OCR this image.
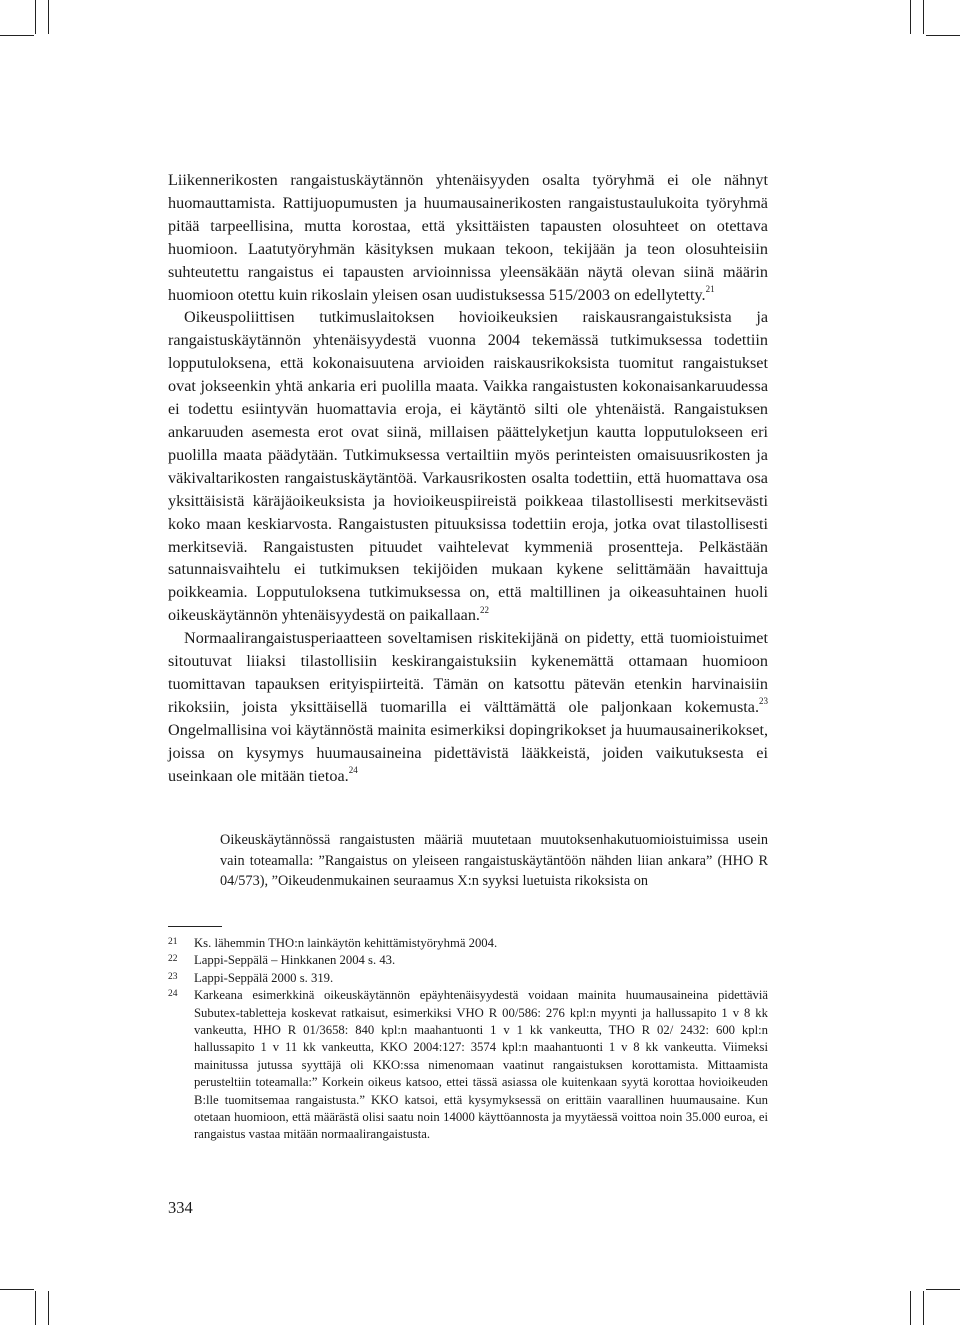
Liikennerikosten rangaistuskäytännön yhtenäisyyden osalta työryhmä ei ole nähnyt huomauttamista. Rattijuopumusten ja huumausainerikosten rangaistustaulukoita työryhmä pitää tarpeellisina, mutta korostaa, että yksittäisten tapausten olosuhteet on otettava huomioon. Laatutyöryhmän käsityksen mukaan tekoon, tekijään ja teon olosuhteisiin suhteutettu rangaistus ei tapausten arvioinnissa yleensäkään näytä olevan siinä määrin huomioon otettu kuin rikoslain yleisen osan uudistuksessa 515/2003 on edellytetty.$^{21}$

Oikeuspoliittisen tutkimuslaitoksen hovioikeuksien raiskausrangaistuksista ja rangaistuskäytännön yhtenäisyydestä vuonna 2004 tekemässä tutkimuksessa todettiin lopputuloksena, että kokonaisuutena arvioiden raiskausrikoksista tuomitut rangaistukset ovat jokseenkin yhtä ankaria eri puolilla maata. Vaikka rangaistusten kokonaisankaruudessa ei todettu esiintyvän huomattavia eroja, ei käytäntö silti ole yhtenäistä. Rangaistuksen ankaruuden asemesta erot ovat siinä, millaisen päättelyketjun kautta lopputulokseen eri puolilla maata päädytään. Tutkimuksessa vertailtiin myös perinteisten omaisuusrikosten ja väkivaltarikosten rangaistuskäytäntöä. Varkausrikosten osalta todettiin, että huomattava osa yksittäisistä käräjäoikeuksista ja hovioikeuspiireistä poikkeaa tilastollisesti merkitsevästi koko maan keskiarvosta. Rangaistusten pituuksissa todettiin eroja, jotka ovat tilastollisesti merkitseviä. Rangaistusten pituudet vaihtelevat kymmeniä prosentteja. Pelkästään satunnaisvaihtelu ei tutkimuksen tekijöiden mukaan kykene selittämään havaittuja poikkeamia. Lopputuloksena tutkimuksessa on, että maltillinen ja oikeasuhtainen huoli oikeuskäytännön yhtenäisyydestä on paikallaan.$^{22}$

Normaalirangaistusperiaatteen soveltamisen riskitekijänä on pidetty, että tuomioistuimet sitoutuvat liiaksi tilastollisiin keskirangaistuksiin kykenemättä ottamaan huomioon tuomittavan tapauksen erityispiirteitä. Tämän on katsottu pätevän etenkin harvinaisiin rikoksiin, joista yksittäisellä tuomarilla ei välttämättä ole paljonkaan kokemusta.$^{23}$ Ongelmallisina voi käytännöstä mainita esimerkiksi dopingrikokset ja huumausainerikokset, joissa on kysymys huumausaineina pidettävistä lääkkeistä, joiden vaikutuksesta ei useinkaan ole mitään tietoa.$^{24}$

Oikeuskäytännössä rangaistusten määriä muutetaan muutoksenhakutuomioistuimissa usein vain toteamalla: ”Rangaistus on yleiseen rangaistuskäytäntöön nähden liian ankara” (HHO R 04/573), ”Oikeudenmukainen seuraamus X:n syyksi luetuista rikoksista on

21	Ks. lähemmin THO:n lainkäytön kehittämistyöryhmä 2004.
22	Lappi-Seppälä – Hinkkanen 2004 s. 43.
23	Lappi-Seppälä 2000 s. 319.
24	Karkeana esimerkkinä oikeuskäytännön epäyhtenäisyydestä voidaan mainita huumausaineina pidettäviä Subutex-tabletteja koskevat ratkaisut, esimerkiksi VHO R 00/586: 276 kpl:n myynti ja hallussapito 1 v 8 kk vankeutta, HHO R 01/3658: 840 kpl:n maahantuonti 1 v 1 kk vankeutta, THO R 02/ 2432: 600 kpl:n hallussapito 1 v 11 kk vankeutta, KKO 2004:127: 3574 kpl:n maahantuonti 1 v 8 kk vankeutta. Viimeksi mainitussa jutussa syyttäjä oli KKO:ssa nimenomaan vaatinut rangaistuksen korottamista. Mittaamista perusteltiin toteamalla:” Korkein oikeus katsoo, ettei tässä asiassa ole kuitenkaan syytä korottaa hovioikeuden B:lle tuomitsemaa rangaistusta.” KKO katsoi, että kysymyksessä on erittäin vaarallinen huumausaine. Kun otetaan huomioon, että määrästä olisi saatu noin 14000 käyttöannosta ja myytäessä voittoa noin 35.000 euroa, ei rangaistus vastaa mitään normaalirangaistusta.
334
